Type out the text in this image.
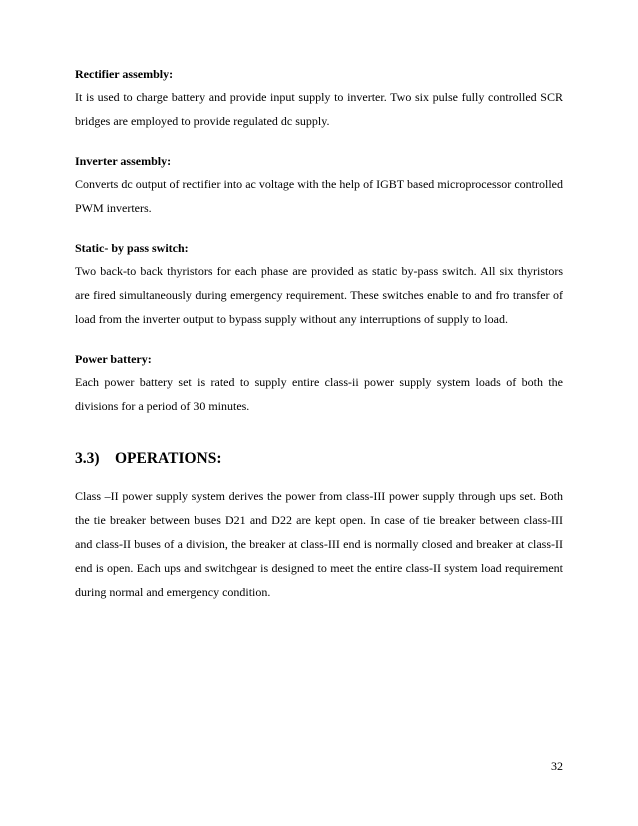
Rectifier assembly:

It is used to charge battery and provide input supply to inverter. Two six pulse fully controlled SCR bridges are employed to provide regulated dc supply.

Inverter assembly:

Converts dc output of rectifier into ac voltage with the help of IGBT based microprocessor controlled PWM inverters.

Static- by pass switch:

Two back-to back thyristors for each phase are provided as static by-pass switch. All six thyristors are fired simultaneously during emergency requirement. These switches enable to and fro transfer of load from the inverter output to bypass supply without any interruptions of supply to load.

Power battery:

Each power battery set is rated to supply entire class-ii power supply system loads of both the divisions for a period of 30 minutes.

3.3) OPERATIONS:

Class –II power supply system derives the power from class-III power supply through ups set. Both the tie breaker between buses D21 and D22 are kept open. In case of tie breaker between class-III and class-II buses of a division, the breaker at class-III end is normally closed and breaker at class-II end is open. Each ups and switchgear is designed to meet the entire class-II system load requirement during normal and emergency condition.

32
